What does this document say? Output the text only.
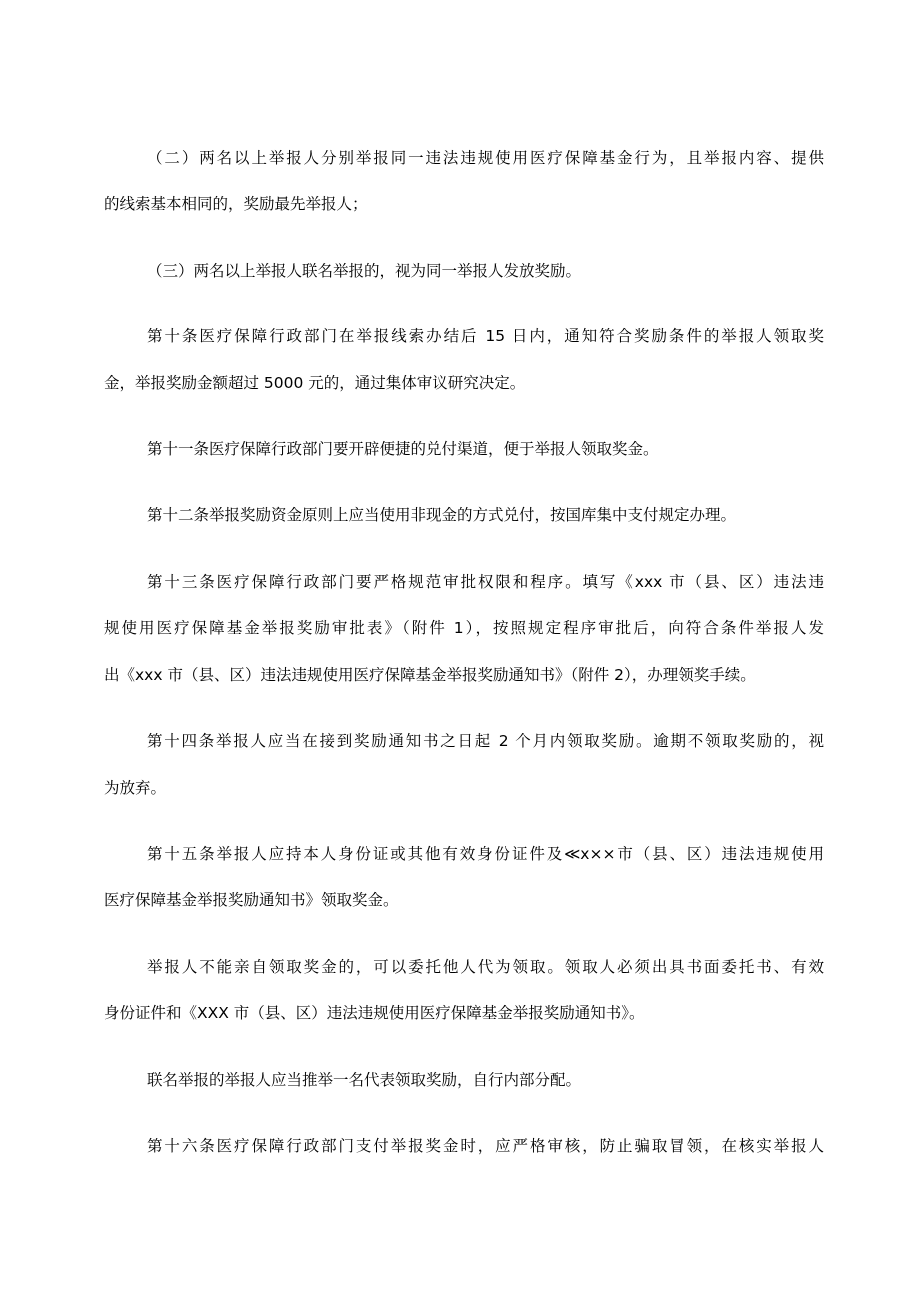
（二）两名以上举报人分别举报同一违法违规使用医疗保障基金行为，且举报内容、提供
的线索基本相同的，奖励最先举报人；
（三）两名以上举报人联名举报的，视为同一举报人发放奖励。
第十条医疗保障行政部门在举报线索办结后 15 日内，通知符合奖励条件的举报人领取奖
金，举报奖励金额超过 5000 元的，通过集体审议研究决定。
第十一条医疗保障行政部门要开辟便捷的兑付渠道，便于举报人领取奖金。
第十二条举报奖励资金原则上应当使用非现金的方式兑付，按国库集中支付规定办理。
第十三条医疗保障行政部门要严格规范审批权限和程序。填写《xxx 市（县、区）违法违
规使用医疗保障基金举报奖励审批表》（附件 1），按照规定程序审批后，向符合条件举报人发
出《xxx 市（县、区）违法违规使用医疗保障基金举报奖励通知书》（附件 2），办理领奖手续。
第十四条举报人应当在接到奖励通知书之日起 2 个月内领取奖励。逾期不领取奖励的，视
为放弃。
第十五条举报人应持本人身份证或其他有效身份证件及≪x××市（县、区）违法违规使用
医疗保障基金举报奖励通知书》领取奖金。
举报人不能亲自领取奖金的，可以委托他人代为领取。领取人必须出具书面委托书、有效
身份证件和《XXX 市（县、区）违法违规使用医疗保障基金举报奖励通知书》。
联名举报的举报人应当推举一名代表领取奖励，自行内部分配。
第十六条医疗保障行政部门支付举报奖金时，应严格审核，防止骗取冒领，在核实举报人
